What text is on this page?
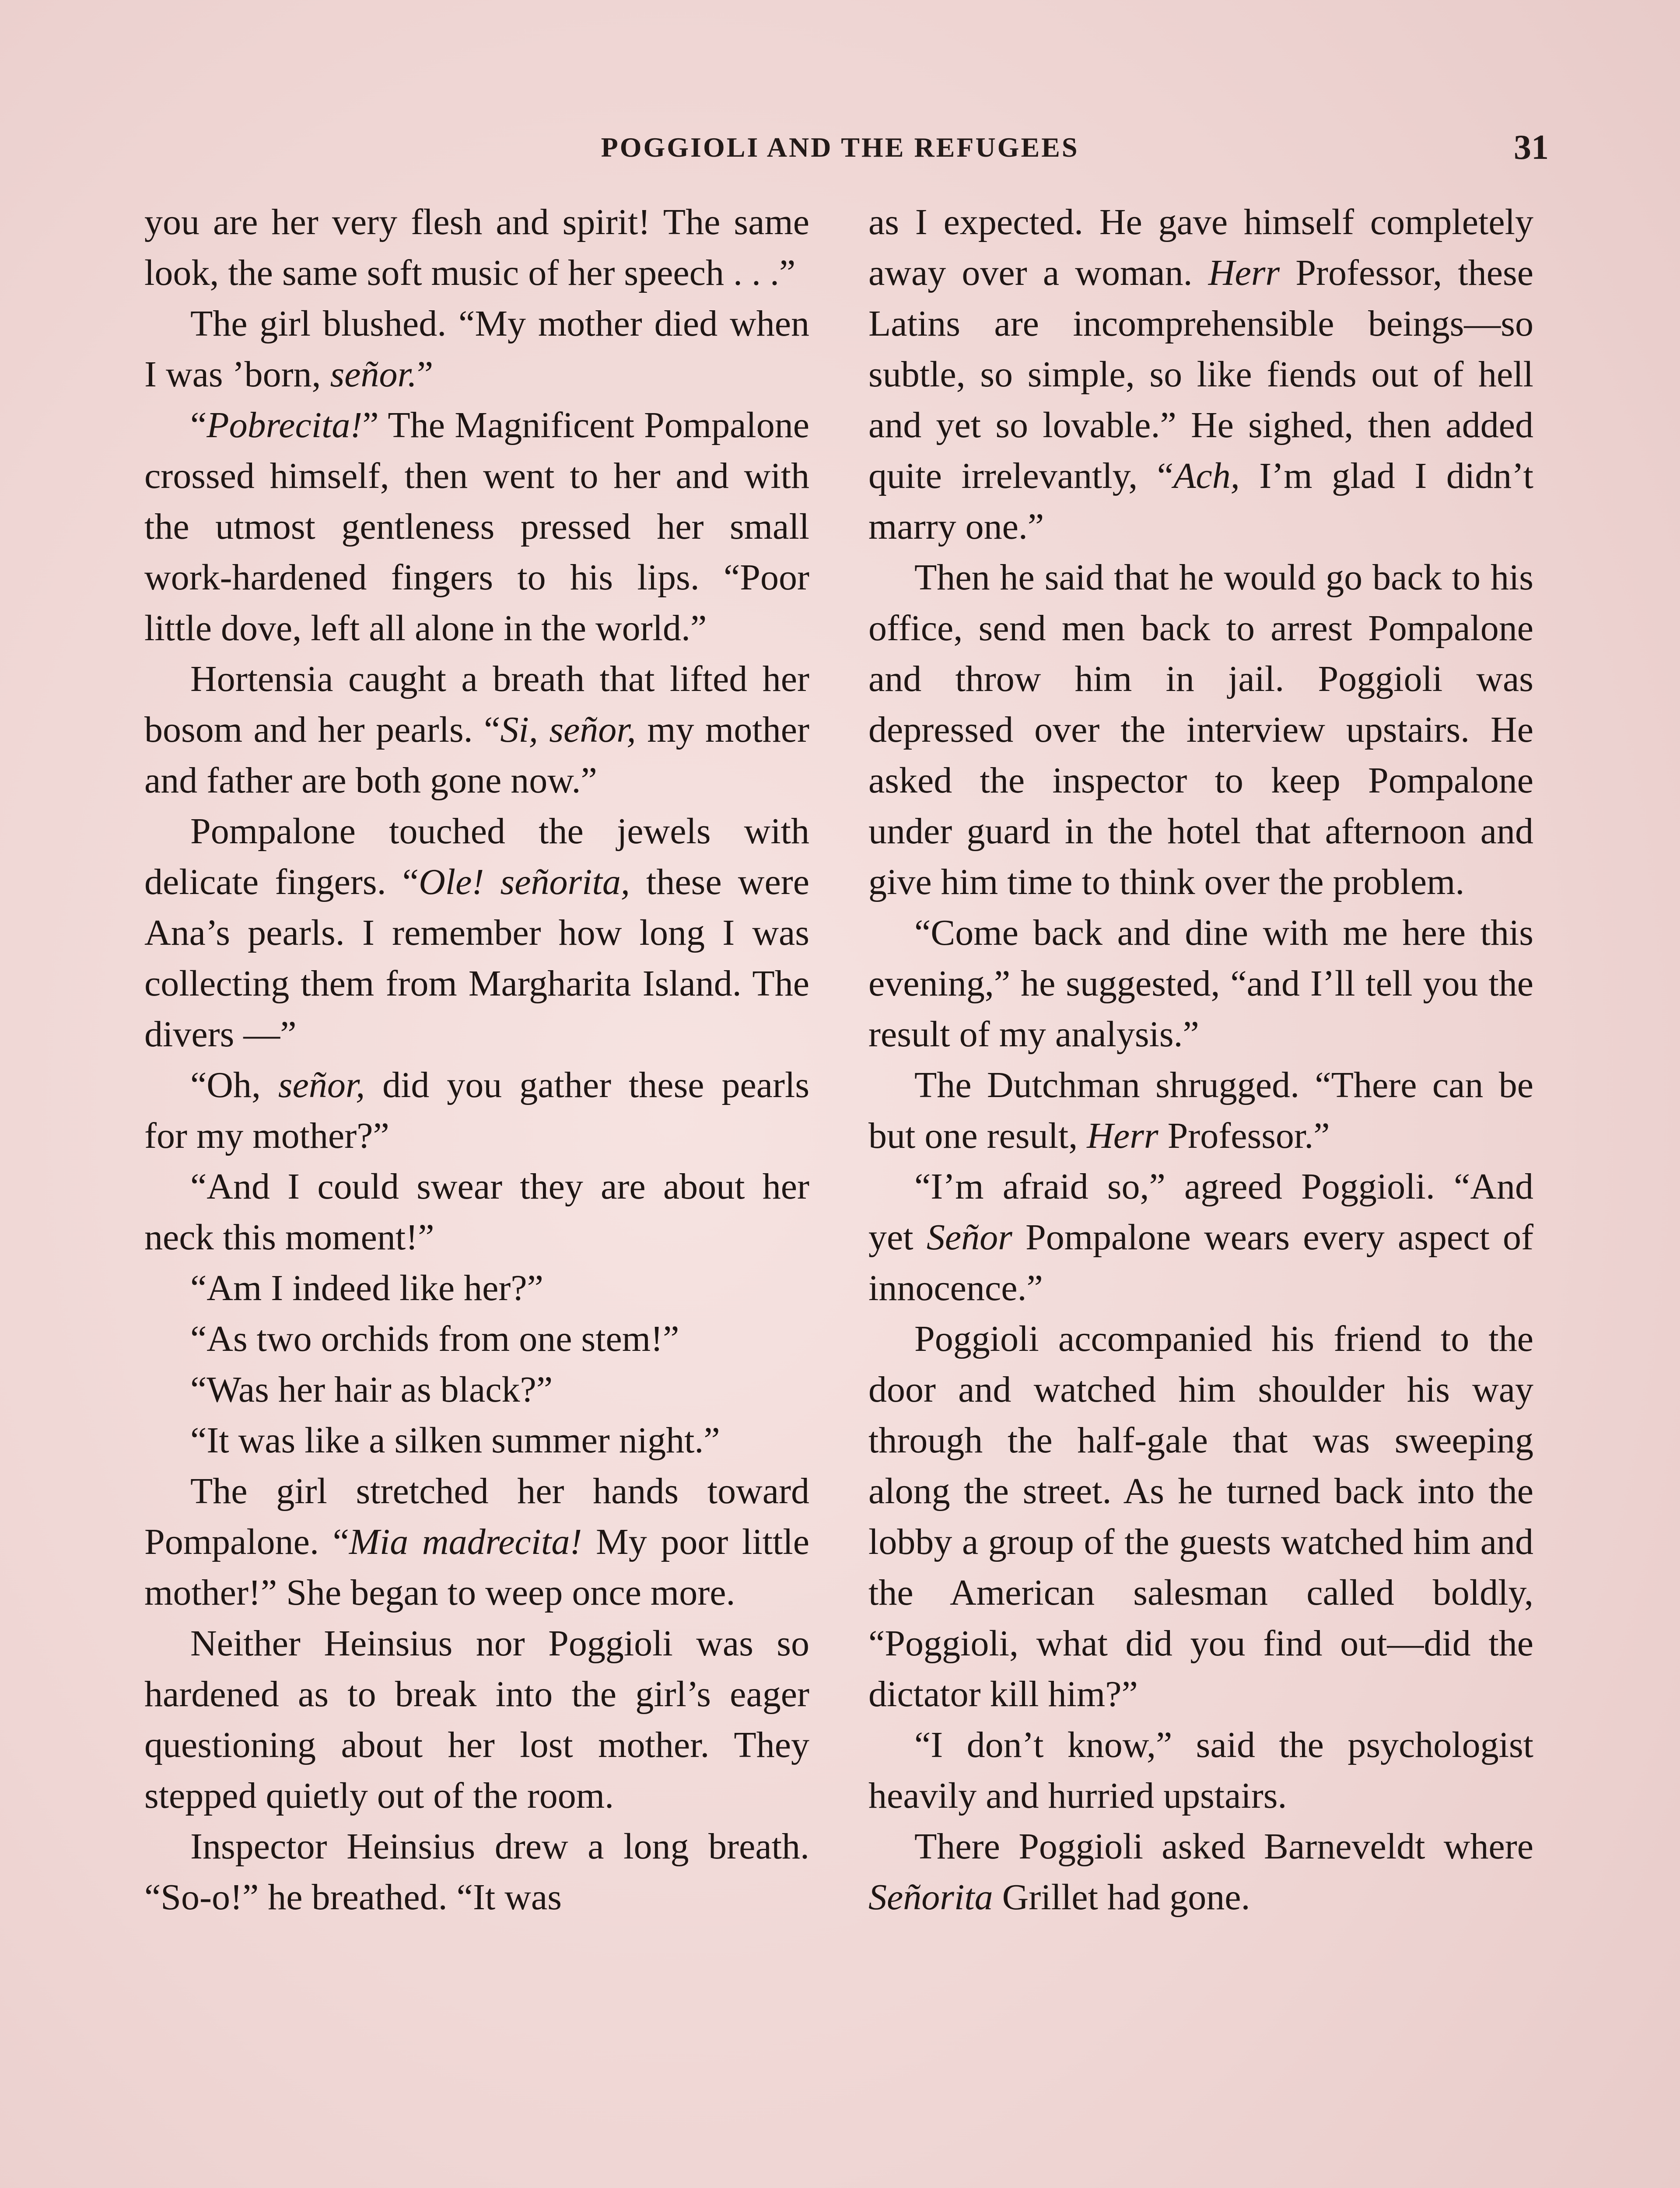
POGGIOLI AND THE REFUGEES	31

you are her very flesh and spirit! The same look, the same soft music of her speech . . .”

The girl blushed. “My mother died when I was ’born, señor.”

“Pobrecita!” The Magnificent Pompalone crossed himself, then went to her and with the utmost gentleness pressed her small work-hardened fingers to his lips. “Poor little dove, left all alone in the world.”

Hortensia caught a breath that lifted her bosom and her pearls. “Si, señor, my mother and father are both gone now.”

Pompalone touched the jewels with delicate fingers. “Ole! señorita, these were Ana’s pearls. I remember how long I was collecting them from Margharita Island. The divers —”

“Oh, señor, did you gather these pearls for my mother?”

“And I could swear they are about her neck this moment!”

“Am I indeed like her?”

“As two orchids from one stem!”

“Was her hair as black?”

“It was like a silken summer night.”

The girl stretched her hands toward Pompalone. “Mia madrecita! My poor little mother!” She began to weep once more.

Neither Heinsius nor Poggioli was so hardened as to break into the girl’s eager questioning about her lost mother. They stepped quietly out of the room.

Inspector Heinsius drew a long breath. “So-o!” he breathed. “It was

as I expected. He gave himself completely away over a woman. Herr Professor, these Latins are incomprehensible beings—so subtle, so simple, so like fiends out of hell and yet so lovable.” He sighed, then added quite irrelevantly, “Ach, I’m glad I didn’t marry one.”

Then he said that he would go back to his office, send men back to arrest Pompalone and throw him in jail. Poggioli was depressed over the interview upstairs. He asked the inspector to keep Pompalone under guard in the hotel that afternoon and give him time to think over the problem.

“Come back and dine with me here this evening,” he suggested, “and I’ll tell you the result of my analysis.”

The Dutchman shrugged. “There can be but one result, Herr Professor.”

“I’m afraid so,” agreed Poggioli. “And yet Señor Pompalone wears every aspect of innocence.”

Poggioli accompanied his friend to the door and watched him shoulder his way through the half-gale that was sweeping along the street. As he turned back into the lobby a group of the guests watched him and the American salesman called boldly, “Poggioli, what did you find out—did the dictator kill him?”

“I don’t know,” said the psychologist heavily and hurried upstairs.

There Poggioli asked Barneveldt where Señorita Grillet had gone.
